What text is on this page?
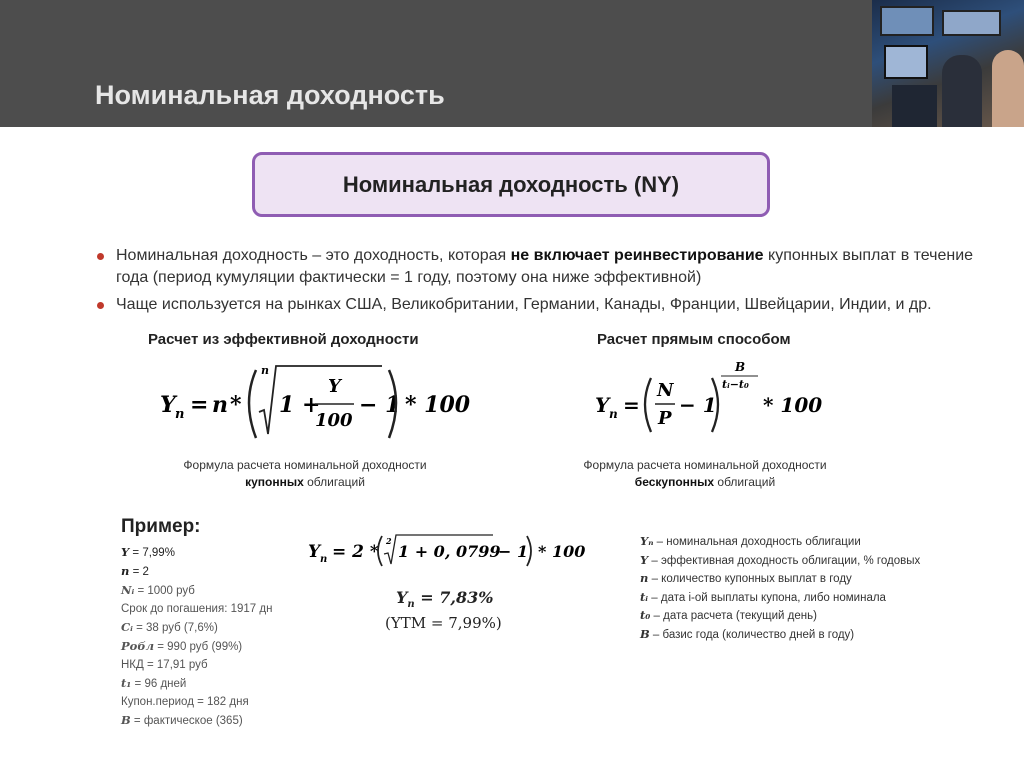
Номинальная доходность
Номинальная доходность (NY)
Номинальная доходность – это доходность, которая не включает реинвестирование купонных выплат в течение года (период кумуляции фактически = 1 году, поэтому она ниже эффективной)
Чаще используется на рынках США, Великобритании, Германии, Канады, Франции, Швейцарии, Индии, и др.
Расчет из эффективной доходности
Y n = n *
n
1 +
Y
100
− 1 * 100
Формула расчета номинальной доходности
купонных облигаций
Расчет прямым способом
Y n =
N
P
− 1
B
tᵢ−t₀
* 100
Формула расчета номинальной доходности
бескупонных облигаций
Пример:
Y = 7,99%
n = 2
Nᵢ = 1000 руб
Срок до погашения: 1917 дн
Cᵢ = 38 руб (7,6%)
Pобл = 990 руб (99%)
НКД = 17,91 руб
t₁ = 96 дней
Купон.период = 182 дня
B = фактическое (365)
Y n = 2 *
2
1 + 0, 0799
− 1 * 100
$Y_n = 7,83\%$
(YTM = 7,99%)
Yₙ – номинальная доходность облигации
Y – эффективная доходность облигации, % годовых
n – количество купонных выплат в году
tᵢ – дата i-ой выплаты купона, либо номинала
t₀ – дата расчета (текущий день)
B – базис года (количество дней в году)
